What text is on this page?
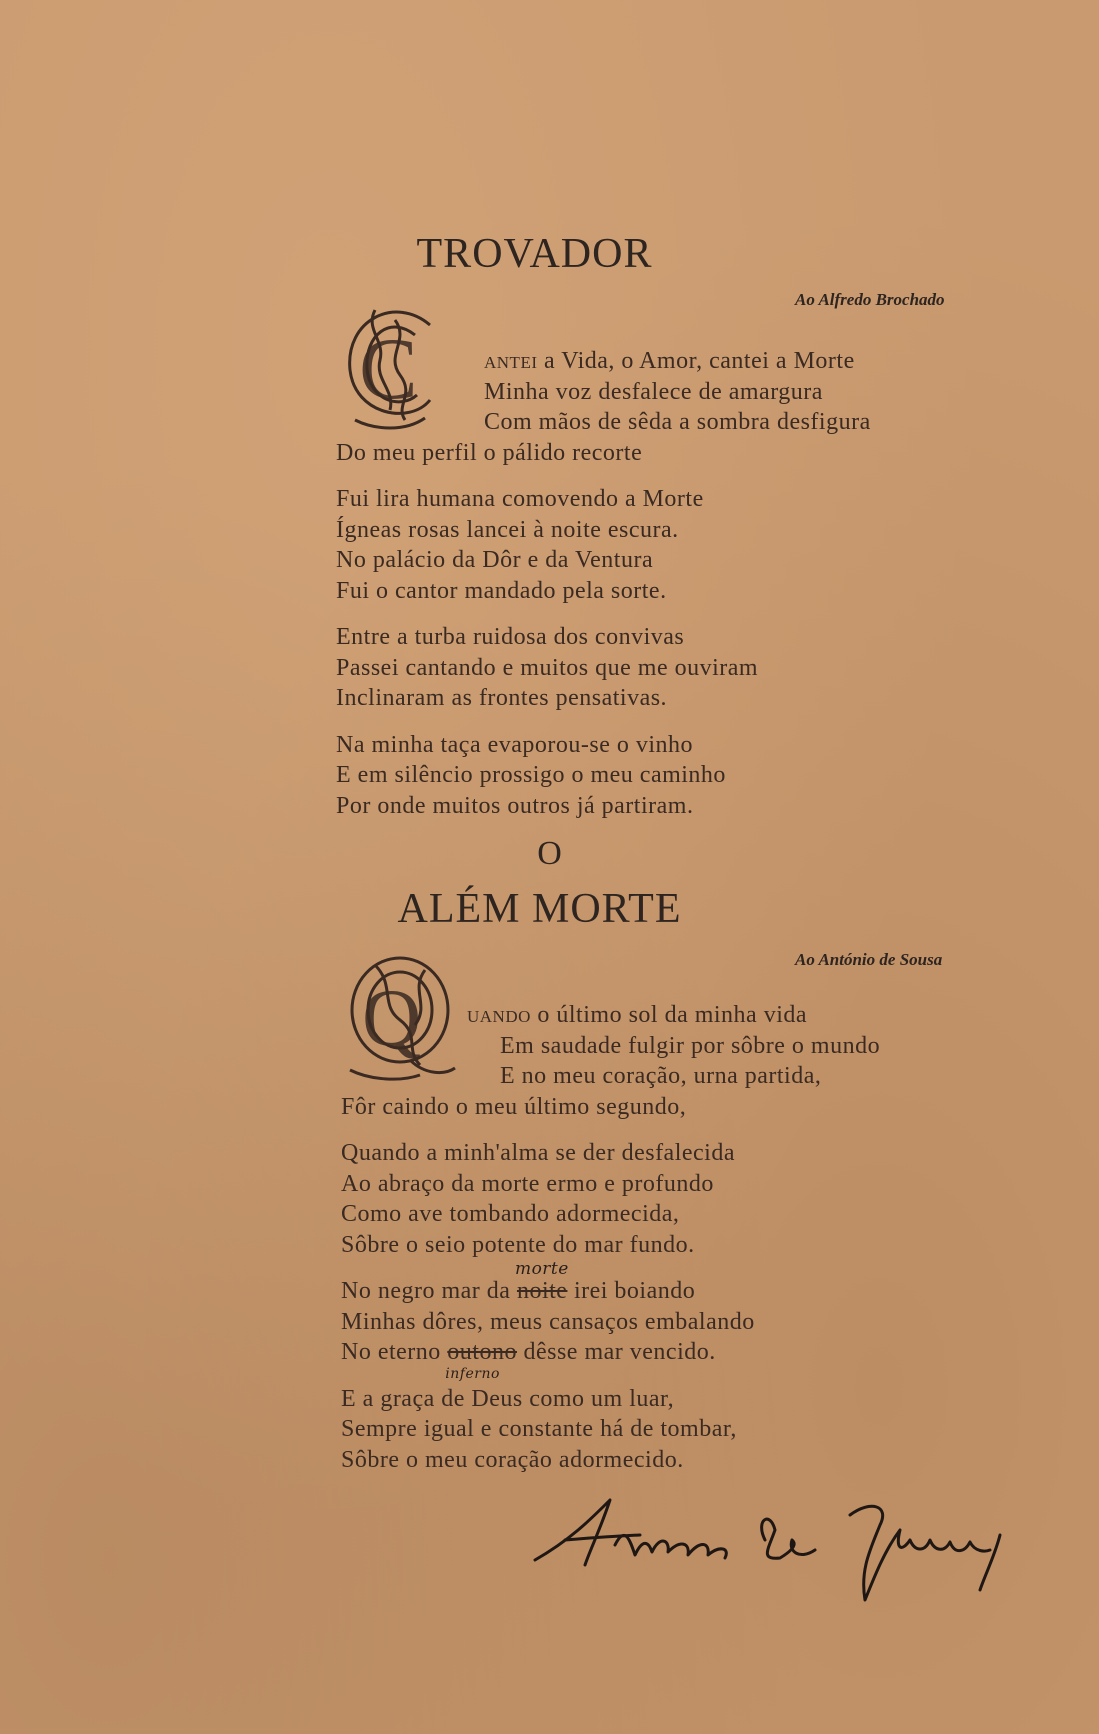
TROVADOR
Ao Alfredo Brochado
C	antei a Vida, o Amor, cantei a Morte
Minha voz desfalece de amargura
Com mãos de sêda a sombra desfigura
Do meu perfil o pálido recorte
Fui lira humana comovendo a Morte
Ígneas rosas lancei à noite escura.
No palácio da Dôr e da Ventura
Fui o cantor mandado pela sorte.
Entre a turba ruidosa dos convivas
Passei cantando e muitos que me ouviram
Inclinaram as frontes pensativas.
Na minha taça evaporou-se o vinho
E em silêncio prossigo o meu caminho
Por onde muitos outros já partiram.
O
ALÉM MORTE
Ao António de Sousa
Q	uando o último sol da minha vida
Em saudade fulgir por sôbre o mundo
E no meu coração, urna partida,
Fôr caindo o meu último segundo,
Quando a minh'alma se der desfalecida
Ao abraço da morte ermo e profundo
Como ave tombando adormecida,
Sôbre o seio potente do mar fundo.
No negro mar da noite
morte
irei boiando
Minhas dôres, meus cansaços embalando
No eterno outono
inferno
dêsse mar vencido.
E a graça de Deus como um luar,
Sempre igual e constante há de tombar,
Sôbre o meu coração adormecido.
